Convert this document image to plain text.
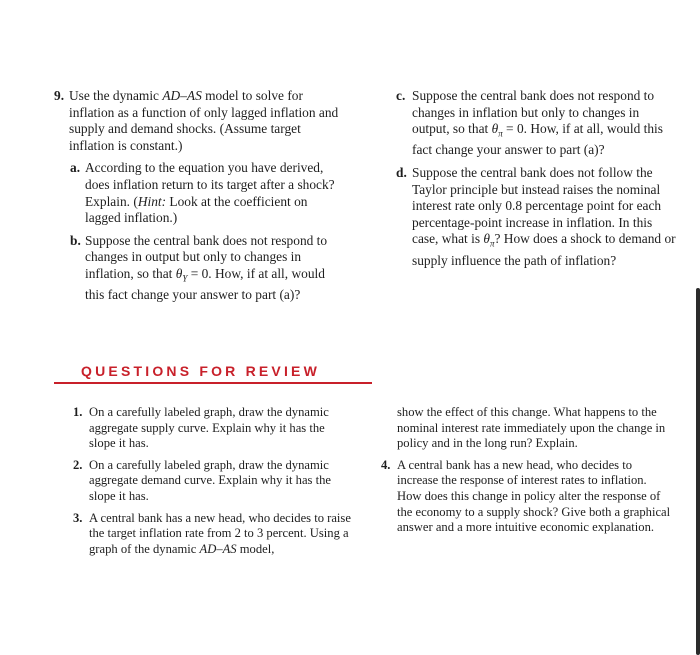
9. Use the dynamic AD–AS model to solve for inflation as a function of only lagged inflation and supply and demand shocks. (Assume target inflation is constant.)
a. According to the equation you have derived, does inflation return to its target after a shock? Explain. (Hint: Look at the coefficient on lagged inflation.)
b. Suppose the central bank does not respond to changes in output but only to changes in inflation, so that $\theta_Y = 0$. How, if at all, would this fact change your answer to part (a)?
c. Suppose the central bank does not respond to changes in inflation but only to changes in output, so that $\theta_\pi = 0$. How, if at all, would this fact change your answer to part (a)?
d. Suppose the central bank does not follow the Taylor principle but instead raises the nominal interest rate only 0.8 percentage point for each percentage-point increase in inflation. In this case, what is $\theta_\pi$? How does a shock to demand or supply influence the path of inflation?
QUESTIONS FOR REVIEW
1. On a carefully labeled graph, draw the dynamic aggregate supply curve. Explain why it has the slope it has.
2. On a carefully labeled graph, draw the dynamic aggregate demand curve. Explain why it has the slope it has.
3. A central bank has a new head, who decides to raise the target inflation rate from 2 to 3 percent. Using a graph of the dynamic AD–AS model,
show the effect of this change. What happens to the nominal interest rate immediately upon the change in policy and in the long run? Explain.
4. A central bank has a new head, who decides to increase the response of interest rates to inflation. How does this change in policy alter the response of the economy to a supply shock? Give both a graphical answer and a more intuitive economic explanation.
